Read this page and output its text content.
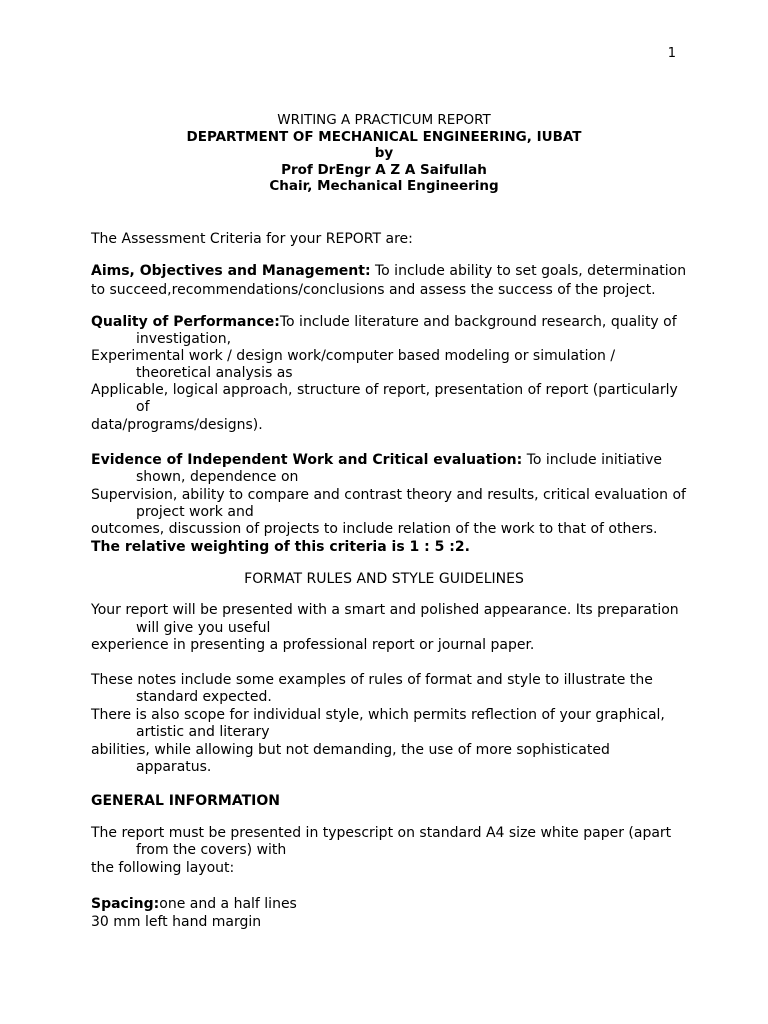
1
WRITING A PRACTICUM REPORT
DEPARTMENT OF MECHANICAL ENGINEERING, IUBAT
by
Prof DrEngr A Z A Saifullah
Chair, Mechanical Engineering
The Assessment Criteria for your REPORT are:
Aims, Objectives and Management: To include ability to set goals, determination
to succeed,recommendations/conclusions and assess the success of the project.
Quality of Performance:To include literature and background research, quality of
investigation,
Experimental work / design work/computer based modeling or simulation /
theoretical analysis as
Applicable, logical approach, structure of report, presentation of report (particularly
of
data/programs/designs).
Evidence of Independent Work and Critical evaluation: To include initiative
shown, dependence on
Supervision, ability to compare and contrast theory and results, critical evaluation of
project work and
outcomes, discussion of projects to include relation of the work to that of others.
The relative weighting of this criteria is 1 : 5 :2.
FORMAT RULES AND STYLE GUIDELINES
Your report will be presented with a smart and polished appearance. Its preparation
will give you useful
experience in presenting a professional report or journal paper.
These notes include some examples of rules of format and style to illustrate the
standard expected.
There is also scope for individual style, which permits reflection of your graphical,
artistic and literary
abilities, while allowing but not demanding, the use of more sophisticated
apparatus.
GENERAL INFORMATION
The report must be presented in typescript on standard A4 size white paper (apart
from the covers) with
the following layout:
Spacing:one and a half lines
30 mm left hand margin
